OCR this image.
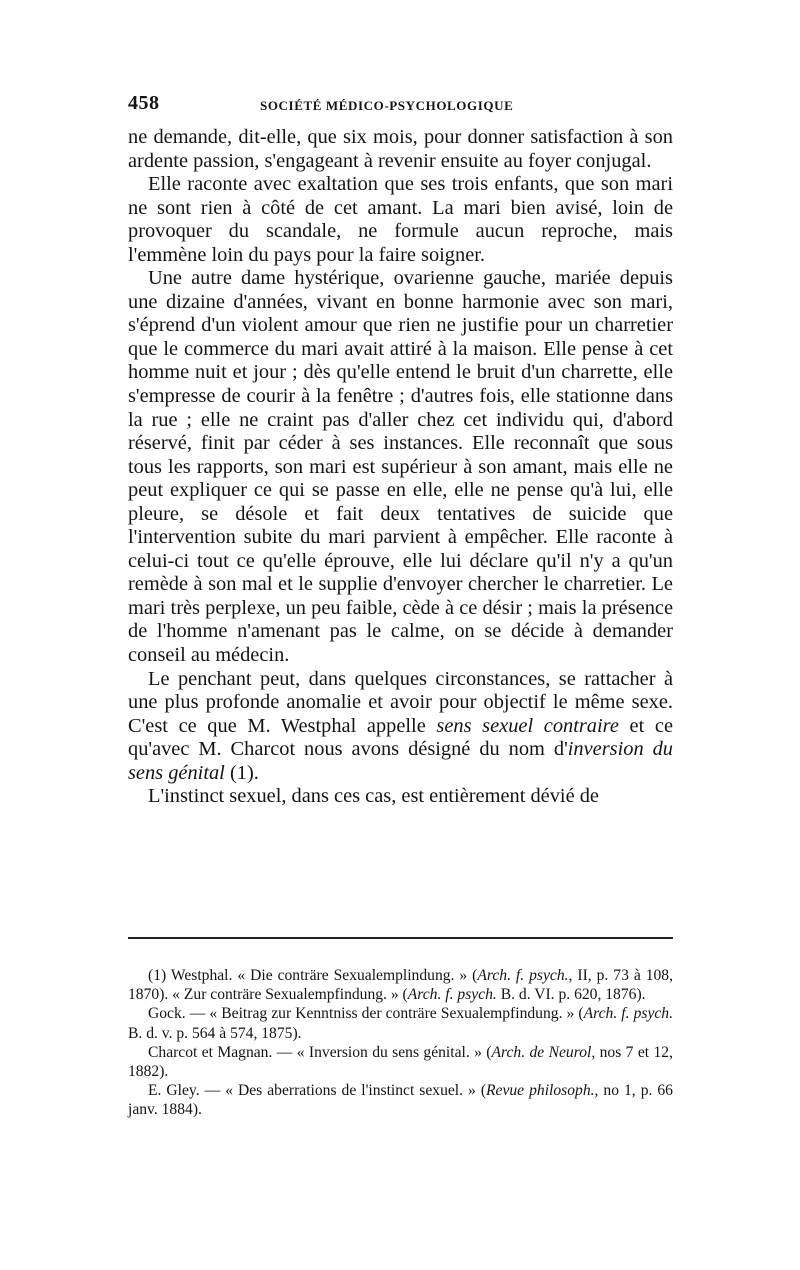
458	SOCIÉTÉ MÉDICO-PSYCHOLOGIQUE

ne demande, dit-elle, que six mois, pour donner satisfaction à son ardente passion, s'engageant à revenir ensuite au foyer conjugal.

Elle raconte avec exaltation que ses trois enfants, que son mari ne sont rien à côté de cet amant. La mari bien avisé, loin de provoquer du scandale, ne formule aucun reproche, mais l'emmène loin du pays pour la faire soigner.

Une autre dame hystérique, ovarienne gauche, mariée depuis une dizaine d'années, vivant en bonne harmonie avec son mari, s'éprend d'un violent amour que rien ne justifie pour un charretier que le commerce du mari avait attiré à la maison. Elle pense à cet homme nuit et jour ; dès qu'elle entend le bruit d'un charrette, elle s'empresse de courir à la fenêtre ; d'autres fois, elle stationne dans la rue ; elle ne craint pas d'aller chez cet individu qui, d'abord réservé, finit par céder à ses instances. Elle reconnaît que sous tous les rapports, son mari est supérieur à son amant, mais elle ne peut expliquer ce qui se passe en elle, elle ne pense qu'à lui, elle pleure, se désole et fait deux tentatives de suicide que l'intervention subite du mari parvient à empêcher. Elle raconte à celui-ci tout ce qu'elle éprouve, elle lui déclare qu'il n'y a qu'un remède à son mal et le supplie d'envoyer chercher le charretier. Le mari très perplexe, un peu faible, cède à ce désir ; mais la présence de l'homme n'amenant pas le calme, on se décide à demander conseil au médecin.

Le penchant peut, dans quelques circonstances, se rattacher à une plus profonde anomalie et avoir pour objectif le même sexe. C'est ce que M. Westphal appelle sens sexuel contraire et ce qu'avec M. Charcot nous avons désigné du nom d'inversion du sens génital (1).

L'instinct sexuel, dans ces cas, est entièrement dévié de

(1) Westphal. « Die conträre Sexualemplindung. » (Arch. f. psych., II, p. 73 à 108, 1870). « Zur conträre Sexualempfindung. » (Arch. f. psych. B. d. VI. p. 620, 1876).

Gock. — « Beitrag zur Kenntniss der conträre Sexualempfindung. » (Arch. f. psych. B. d. v. p. 564 à 574, 1875).

Charcot et Magnan. — « Inversion du sens génital. » (Arch. de Neurol, nos 7 et 12, 1882).

E. Gley. — « Des aberrations de l'instinct sexuel. » (Revue philosoph., no 1, p. 66 janv. 1884).
